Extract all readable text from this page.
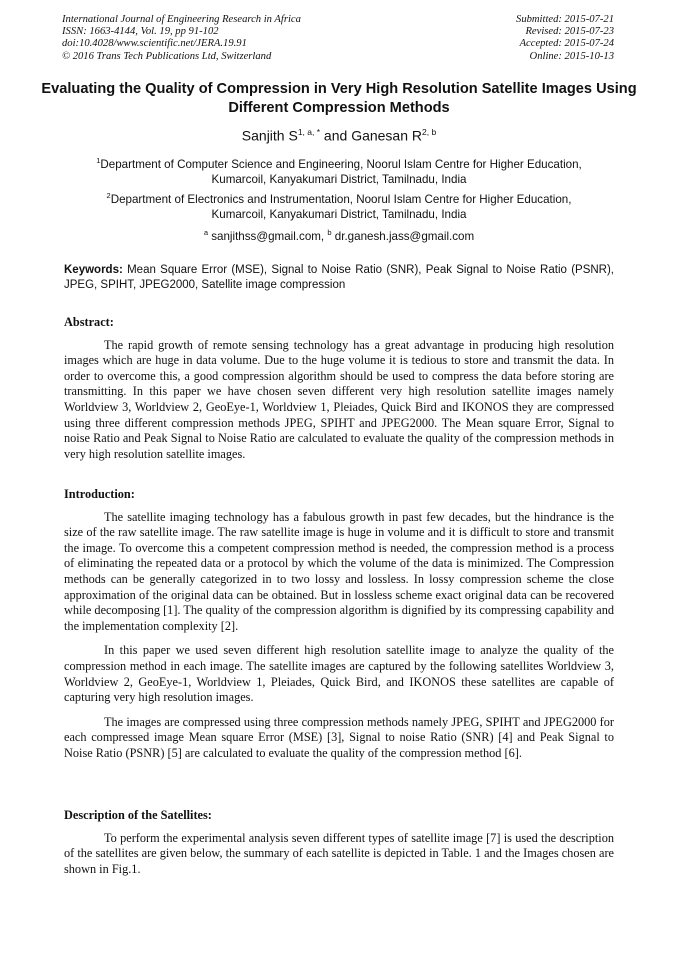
International Journal of Engineering Research in Africa
ISSN: 1663-4144, Vol. 19, pp 91-102
doi:10.4028/www.scientific.net/JERA.19.91
© 2016 Trans Tech Publications Ltd, Switzerland
Submitted: 2015-07-21
Revised: 2015-07-23
Accepted: 2015-07-24
Online: 2015-10-13
Evaluating the Quality of Compression in Very High Resolution Satellite Images Using Different Compression Methods
Sanjith $S^{1, a, *}$ and Ganesan R$^{2, b}$
$^1$Department of Computer Science and Engineering, Noorul Islam Centre for Higher Education,
Kumarcoil, Kanyakumari District, Tamilnadu, India
$^2$Department of Electronics and Instrumentation, Noorul Islam Centre for Higher Education,
Kumarcoil, Kanyakumari District, Tamilnadu, India
$^a$ sanjithss@gmail.com, $^b$ dr.ganesh.jass@gmail.com
Keywords: Mean Square Error (MSE), Signal to Noise Ratio (SNR), Peak Signal to Noise Ratio (PSNR), JPEG, SPIHT, JPEG2000, Satellite image compression
Abstract:

The rapid growth of remote sensing technology has a great advantage in producing high resolution images which are huge in data volume. Due to the huge volume it is tedious to store and transmit the data. In order to overcome this, a good compression algorithm should be used to compress the data before storing are transmitting. In this paper we have chosen seven different very high resolution satellite images namely Worldview 3, Worldview 2, GeoEye-1, Worldview 1, Pleiades, Quick Bird and IKONOS they are compressed using three different compression methods JPEG, SPIHT and JPEG2000. The Mean square Error, Signal to noise Ratio and Peak Signal to Noise Ratio are calculated to evaluate the quality of the compression methods in very high resolution satellite images.

Introduction:

The satellite imaging technology has a fabulous growth in past few decades, but the hindrance is the size of the raw satellite image. The raw satellite image is huge in volume and it is difficult to store and transmit the image. To overcome this a competent compression method is needed, the compression method is a process of eliminating the repeated data or a protocol by which the volume of the data is minimized. The Compression methods can be generally categorized in to two lossy and lossless. In lossy compression scheme the close approximation of the original data can be obtained. But in lossless scheme exact original data can be recovered while decomposing [1]. The quality of the compression algorithm is dignified by its compressing capability and the implementation complexity [2].

In this paper we used seven different high resolution satellite image to analyze the quality of the compression method in each image. The satellite images are captured by the following satellites Worldview 3, Worldview 2, GeoEye-1, Worldview 1, Pleiades, Quick Bird, and IKONOS these satellites are capable of capturing very high resolution images.

The images are compressed using three compression methods namely JPEG, SPIHT and JPEG2000 for each compressed image Mean square Error (MSE) [3], Signal to noise Ratio (SNR) [4] and Peak Signal to Noise Ratio (PSNR) [5] are calculated to evaluate the quality of the compression method [6].

Description of the Satellites:

To perform the experimental analysis seven different types of satellite image [7] is used the description of the satellites are given below, the summary of each satellite is depicted in Table. 1 and the Images chosen are shown in Fig.1.
